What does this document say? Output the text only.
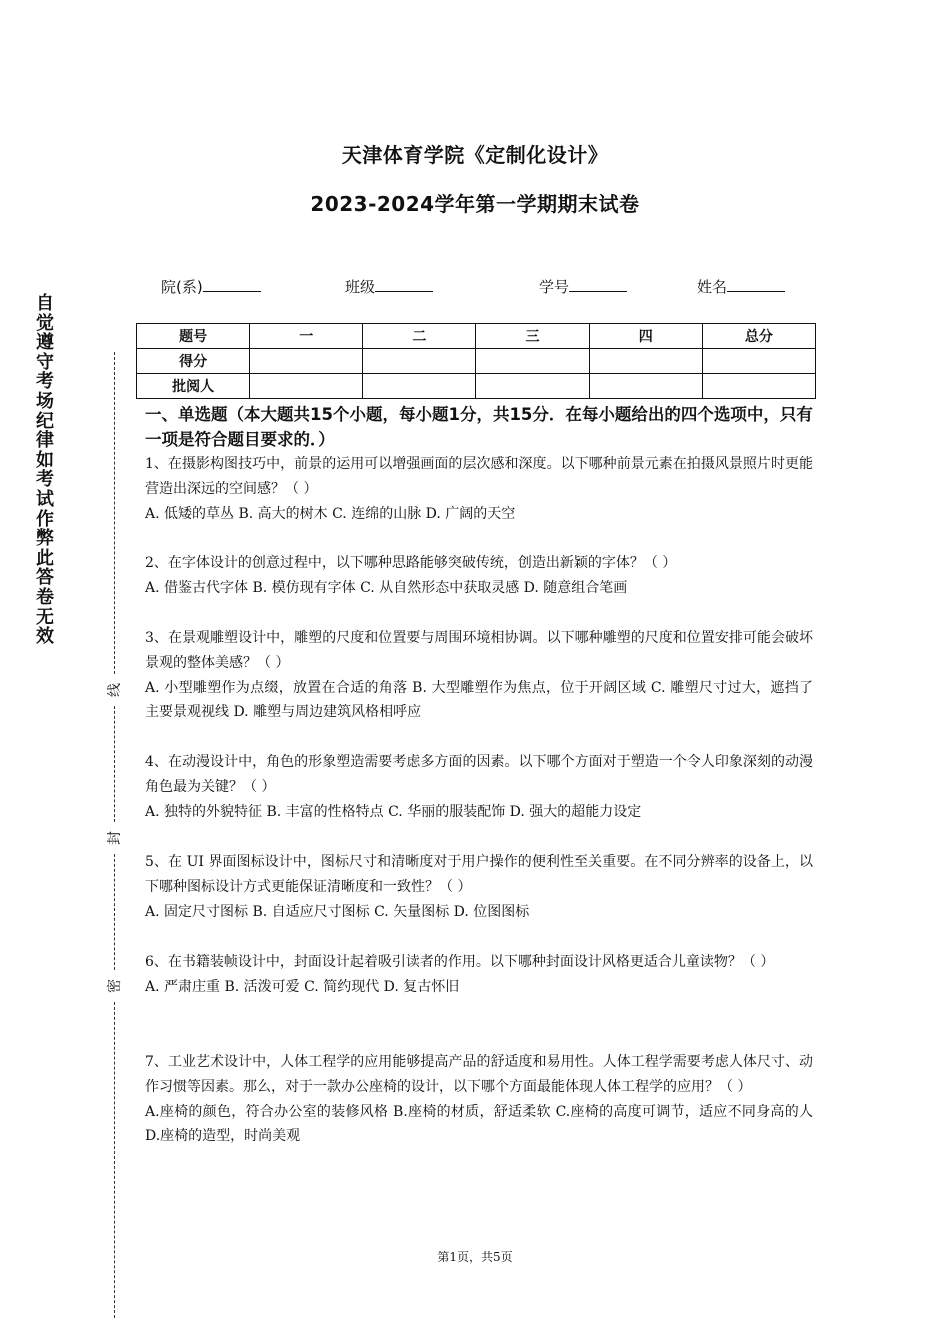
天津体育学院《定制化设计》
2023-2024学年第一学期期末试卷
院(系)	班级	学号	姓名
题号	一	二	三	四	总分
得分					
批阅人					
自
觉
遵
守
考
场
纪
律
如
考
试
作
弊
此
答
卷
无
效
线
封
密
一、单选题（本大题共15个小题，每小题1分，共15分．在每小题给出的四个选项中，只有一项是符合题目要求的．）

1、在摄影构图技巧中，前景的运用可以增强画面的层次感和深度。以下哪种前景元素在拍摄风景照片时更能营造出深远的空间感？（ ）

A. 低矮的草丛 B. 高大的树木 C. 连绵的山脉 D. 广阔的天空

2、在字体设计的创意过程中，以下哪种思路能够突破传统，创造出新颖的字体？（ ）

A. 借鉴古代字体 B. 模仿现有字体 C. 从自然形态中获取灵感 D. 随意组合笔画

3、在景观雕塑设计中，雕塑的尺度和位置要与周围环境相协调。以下哪种雕塑的尺度和位置安排可能会破坏景观的整体美感？（ ）

A. 小型雕塑作为点缀，放置在合适的角落 B. 大型雕塑作为焦点，位于开阔区域 C. 雕塑尺寸过大，遮挡了主要景观视线 D. 雕塑与周边建筑风格相呼应

4、在动漫设计中，角色的形象塑造需要考虑多方面的因素。以下哪个方面对于塑造一个令人印象深刻的动漫角色最为关键？（ ）

A. 独特的外貌特征 B. 丰富的性格特点 C. 华丽的服装配饰 D. 强大的超能力设定

5、在 UI 界面图标设计中，图标尺寸和清晰度对于用户操作的便利性至关重要。在不同分辨率的设备上，以下哪种图标设计方式更能保证清晰度和一致性？（ ）

A. 固定尺寸图标 B. 自适应尺寸图标 C. 矢量图标 D. 位图图标

6、在书籍装帧设计中，封面设计起着吸引读者的作用。以下哪种封面设计风格更适合儿童读物？（ ）

A. 严肃庄重 B. 活泼可爱 C. 简约现代 D. 复古怀旧

7、工业艺术设计中，人体工程学的应用能够提高产品的舒适度和易用性。人体工程学需要考虑人体尺寸、动作习惯等因素。那么，对于一款办公座椅的设计，以下哪个方面最能体现人体工程学的应用？（ ）

A.座椅的颜色，符合办公室的装修风格 B.座椅的材质，舒适柔软 C.座椅的高度可调节，适应不同身高的人 D.座椅的造型，时尚美观

第1页，共5页
